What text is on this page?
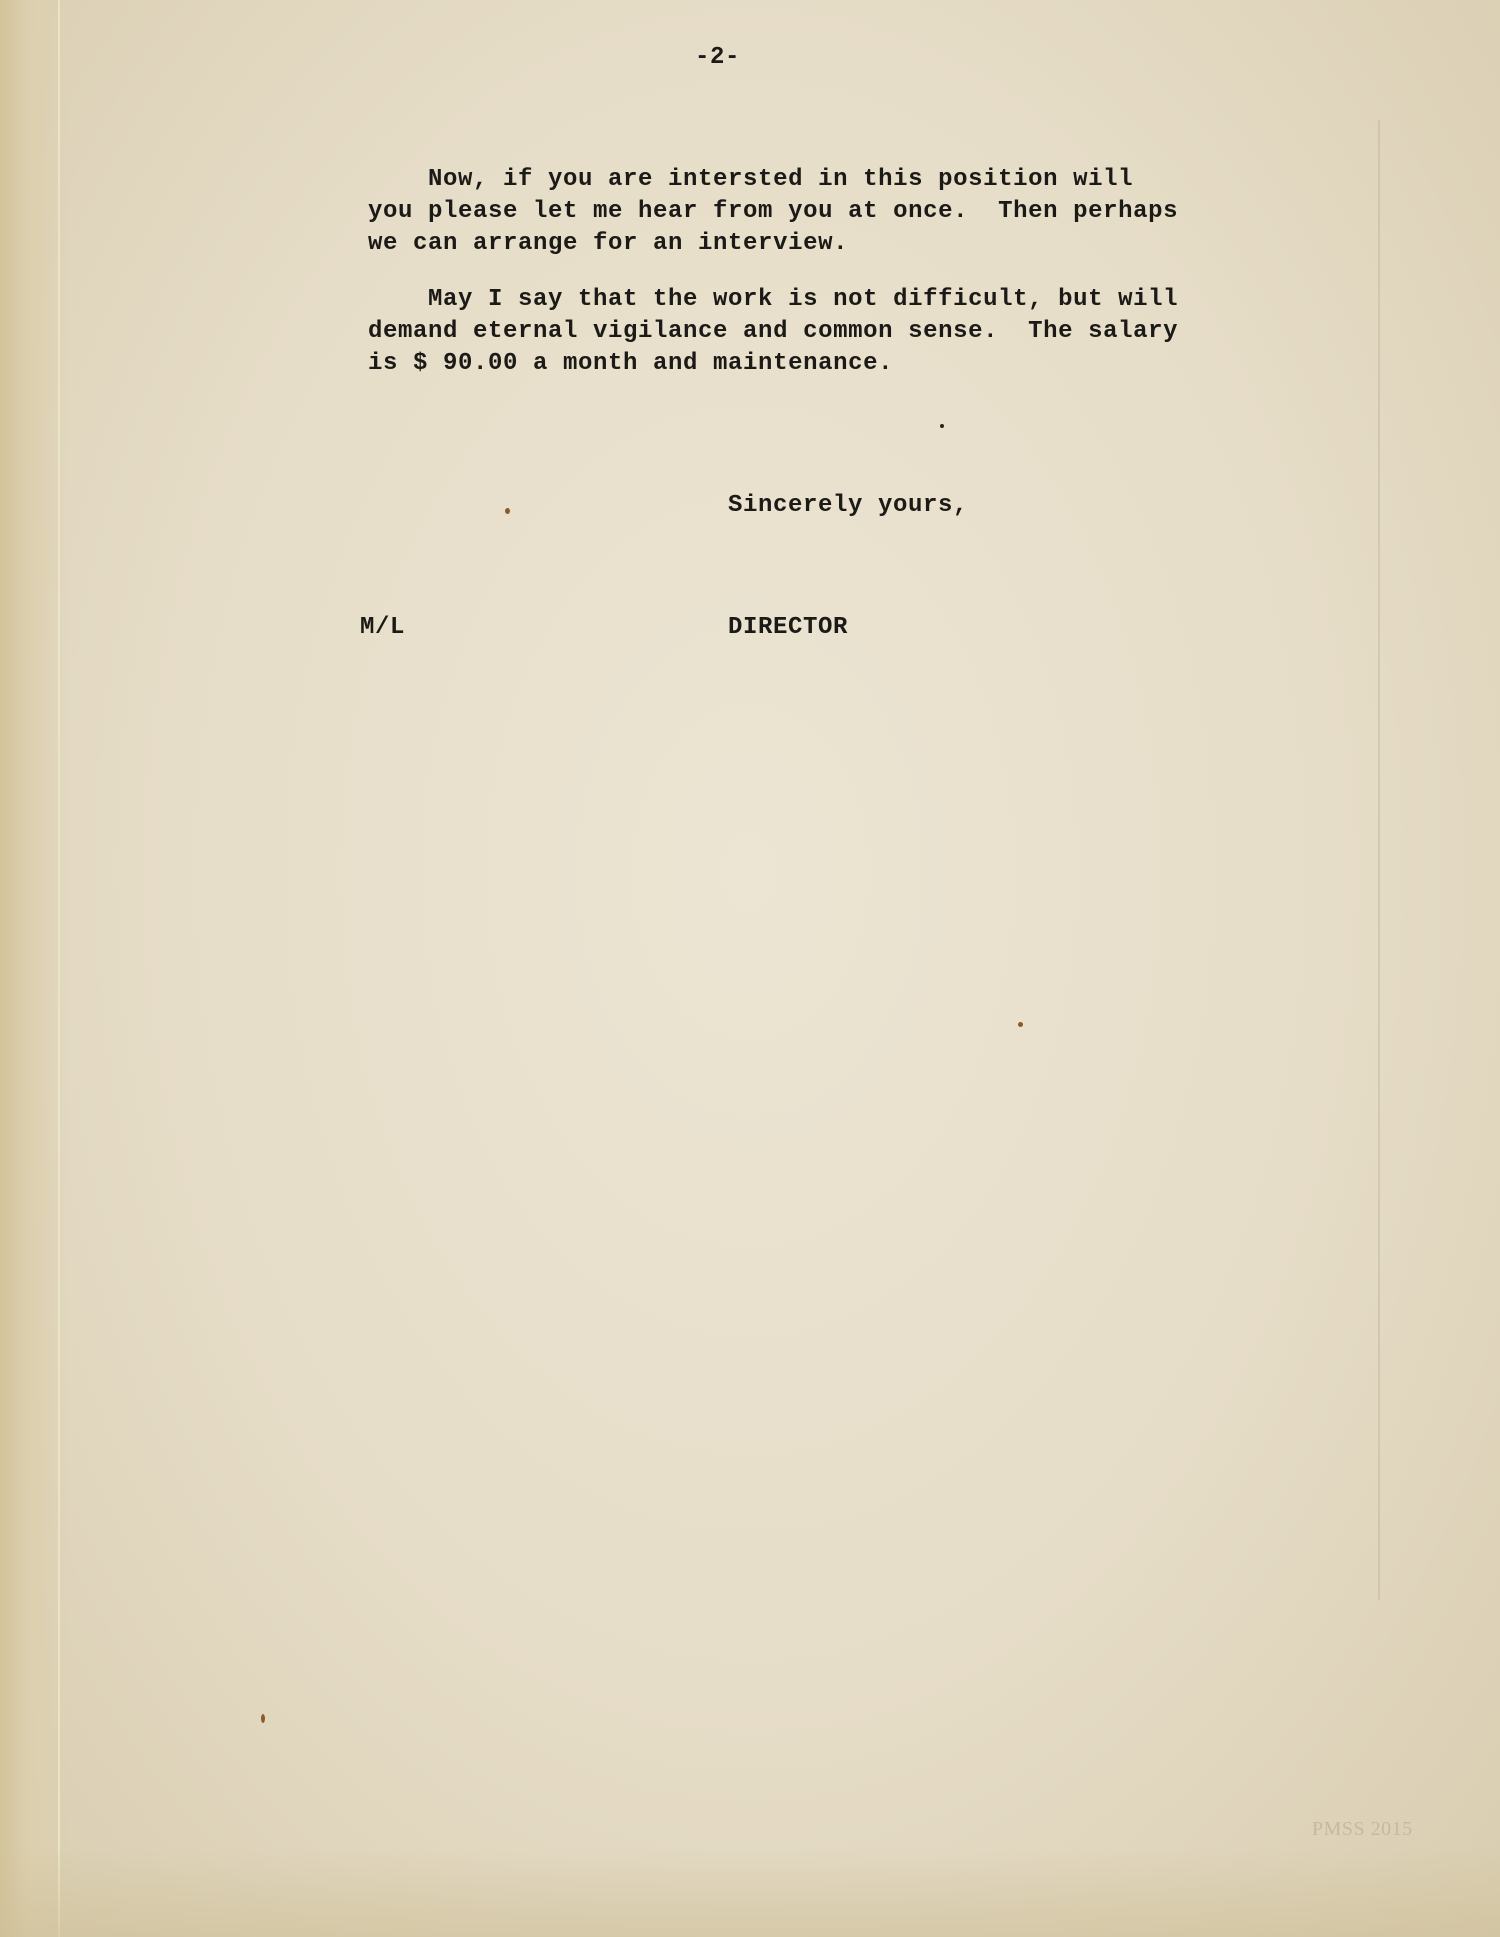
-2-
Now, if you are intersted in this position will
you please let me hear from you at once.  Then perhaps
we can arrange for an interview.
May I say that the work is not difficult, but will
demand eternal vigilance and common sense.  The salary
is $ 90.00 a month and maintenance.
Sincerely yours,
M/L	DIRECTOR
PMSS 2015
